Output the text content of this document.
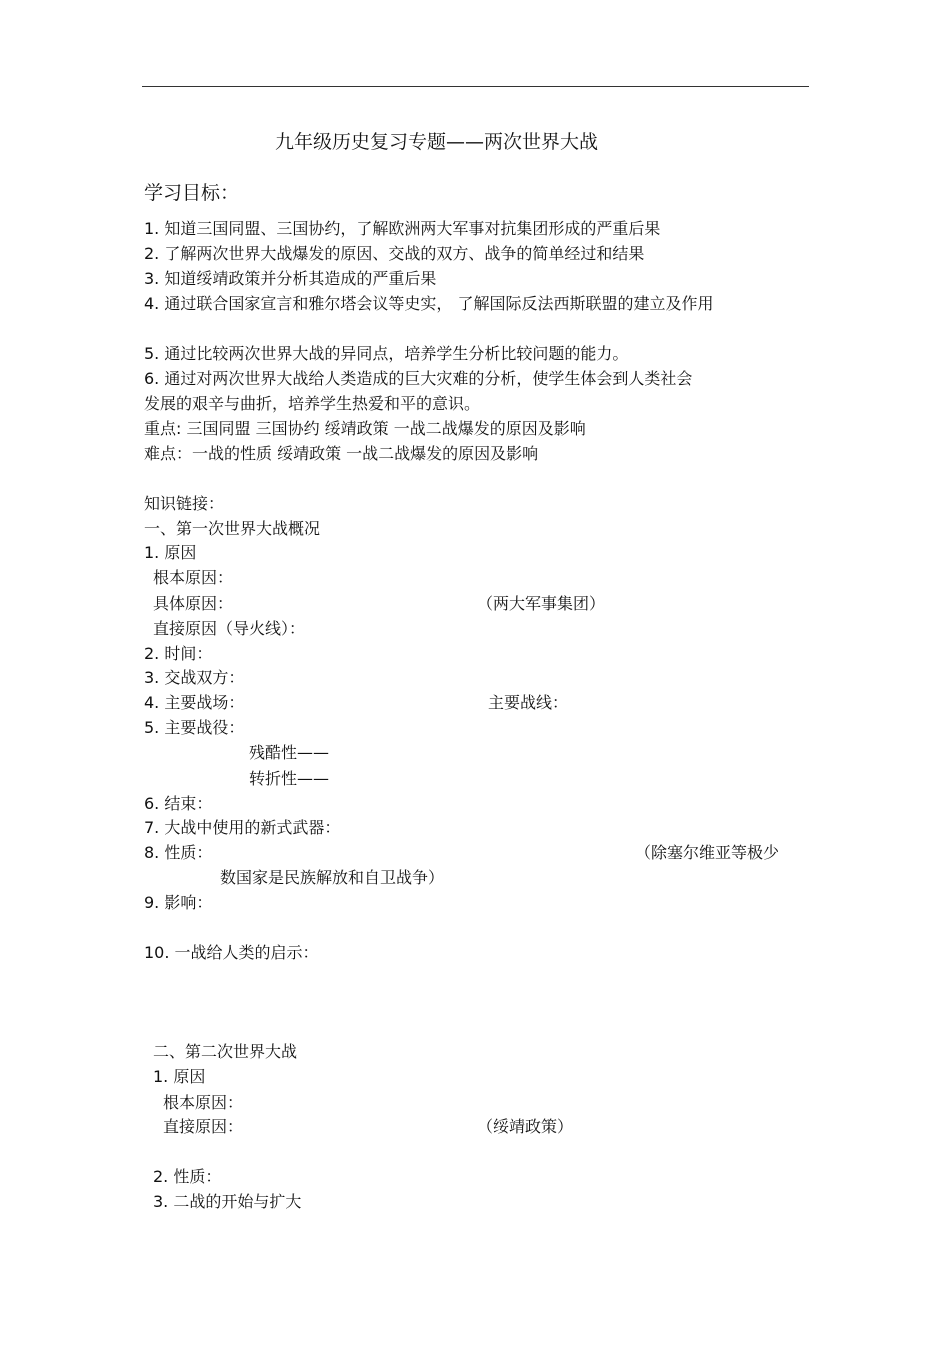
九年级历史复习专题——两次世界大战
学习目标：
1. 知道三国同盟、三国协约，了解欧洲两大军事对抗集团形成的严重后果
2. 了解两次世界大战爆发的原因、交战的双方、战争的简单经过和结果
3. 知道绥靖政策并分析其造成的严重后果
4. 通过联合国家宣言和雅尔塔会议等史实， 了解国际反法西斯联盟的建立及作用
5. 通过比较两次世界大战的异同点，培养学生分析比较问题的能力。
6. 通过对两次世界大战给人类造成的巨大灾难的分析，使学生体会到人类社会
发展的艰辛与曲折，培养学生热爱和平的意识。
重点: 三国同盟 三国协约 绥靖政策 一战二战爆发的原因及影响
难点：一战的性质 绥靖政策 一战二战爆发的原因及影响
知识链接：
一、第一次世界大战概况
1. 原因
根本原因：
具体原因：	（两大军事集团）
直接原因（导火线）：
2. 时间：
3. 交战双方：
4. 主要战场：	主要战线：
5. 主要战役：
残酷性——
转折性——
6. 结束：
7. 大战中使用的新式武器：
8. 性质：	（除塞尔维亚等极少
数国家是民族解放和自卫战争）
9. 影响：
10. 一战给人类的启示：
二、第二次世界大战
1. 原因
根本原因：
直接原因：	（绥靖政策）
2. 性质：
3. 二战的开始与扩大
